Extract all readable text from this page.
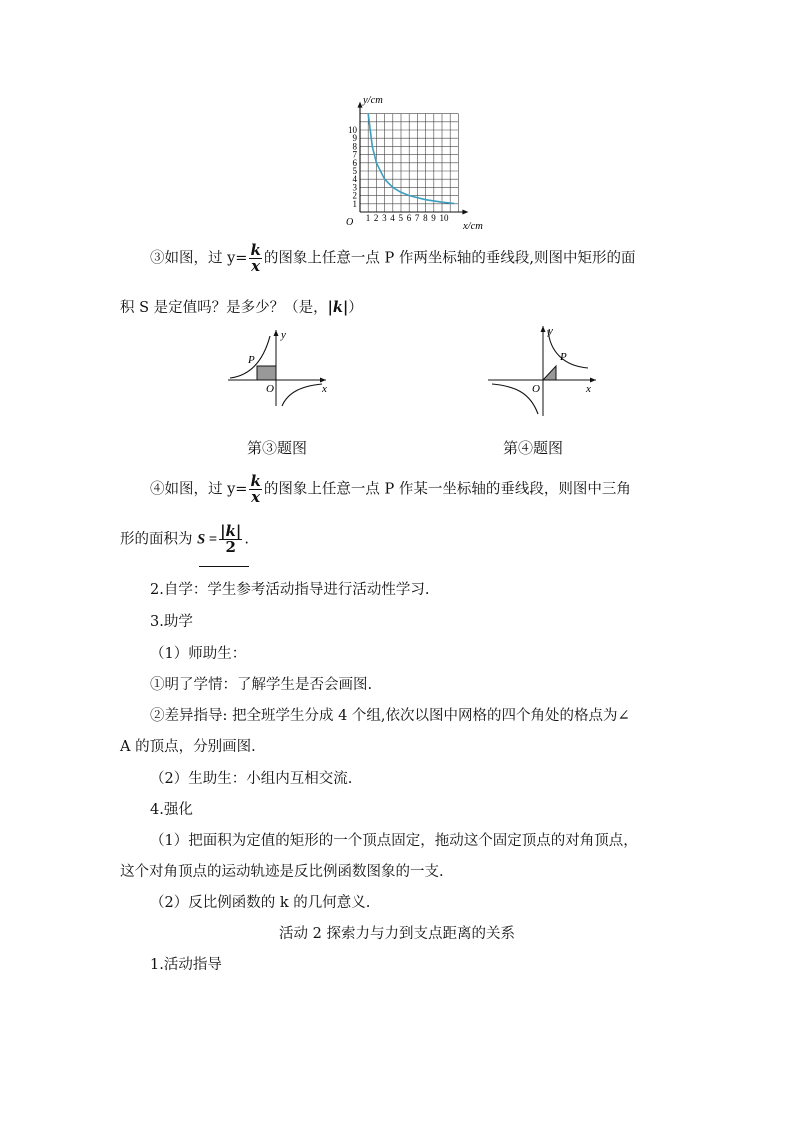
1 2 3 4 5 6 7 8 9 10
1
2
3
4
5
6
7
8
9
10
y/cm
x/cm
O
③如图，过 $y= \frac{k}{x}$ 的图象上任意一点 P 作两坐标轴的垂线段,则图中矩形的面
积 S 是定值吗？是多少？（是，|k|）
P
y
O	x
第③题图
P
y
O	x
第④题图
④如图，过 $y= \frac{k}{x}$ 的图象上任意一点 P 作某一坐标轴的垂线段，则图中三角
形的面积为 $S = \frac{|k|}{2}$ .
2.自学：学生参考活动指导进行活动性学习.
3.助学
（1）师助生：
①明了学情：了解学生是否会画图.
②差异指导: 把全班学生分成 4 个组,依次以图中网格的四个角处的格点为∠
A 的顶点，分别画图.
（2）生助生：小组内互相交流.
4.强化
（1）把面积为定值的矩形的一个顶点固定，拖动这个固定顶点的对角顶点，
这个对角顶点的运动轨迹是反比例函数图象的一支.
（2）反比例函数的 k 的几何意义.
活动 2 探索力与力到支点距离的关系
1.活动指导
